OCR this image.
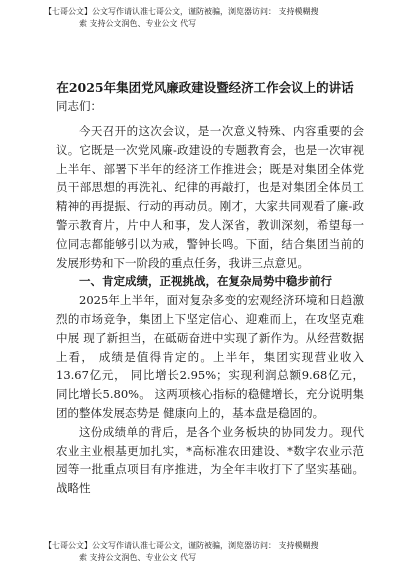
【七哥公文】公文写作请认准七哥公文，谨防被骗，浏览器访问： 支持模糊搜
索 支持公文润色、专业公文 代写
在2025年集团党风廉政建设暨经济工作会议上的讲话
同志们：

今天召开的这次会议，是一次意义特殊、内容重要的会议。它既是一次党风廉-政建设的专题教育会，也是一次审视上半年、部署下半年的经济工作推进会；既是对集团全体党员干部思想的再洗礼、纪律的再敲打，也是对集团全体员工精神的再提振、行动的再动员。刚才，大家共同观看了廉-政警示教育片，片中人和事，发人深省，教训深刻，希望每一位同志都能够引以为戒，警钟长鸣。下面，结合集团当前的发展形势和下一阶段的重点任务，我讲三点意见。

一、肯定成绩，正视挑战，在复杂局势中稳步前行

2025年上半年，面对复杂多变的宏观经济环境和日趋激烈的市场竞争，集团上下坚定信心、迎难而上，在攻坚克难中展 现了新担当，在砥砺奋进中实现了新作为。从经营数据上看， 成绩是值得肯定的。上半年，集团实现营业收入13.67亿元， 同比增长2.95%；实现利润总额9.68亿元， 同比增长5.80%。 这两项核心指标的稳健增长，充分说明集团的整体发展态势是 健康向上的，基本盘是稳固的。

这份成绩单的背后，是各个业务板块的协同发力。现代农业主业根基更加扎实，*高标准农田建设、*数字农业示范园等一批重点项目有序推进，为全年丰收打下了坚实基础。战略性

【七哥公文】公文写作请认准七哥公文，谨防被骗，浏览器访问： 支持模糊搜
索 支持公文润色、专业公文 代写
